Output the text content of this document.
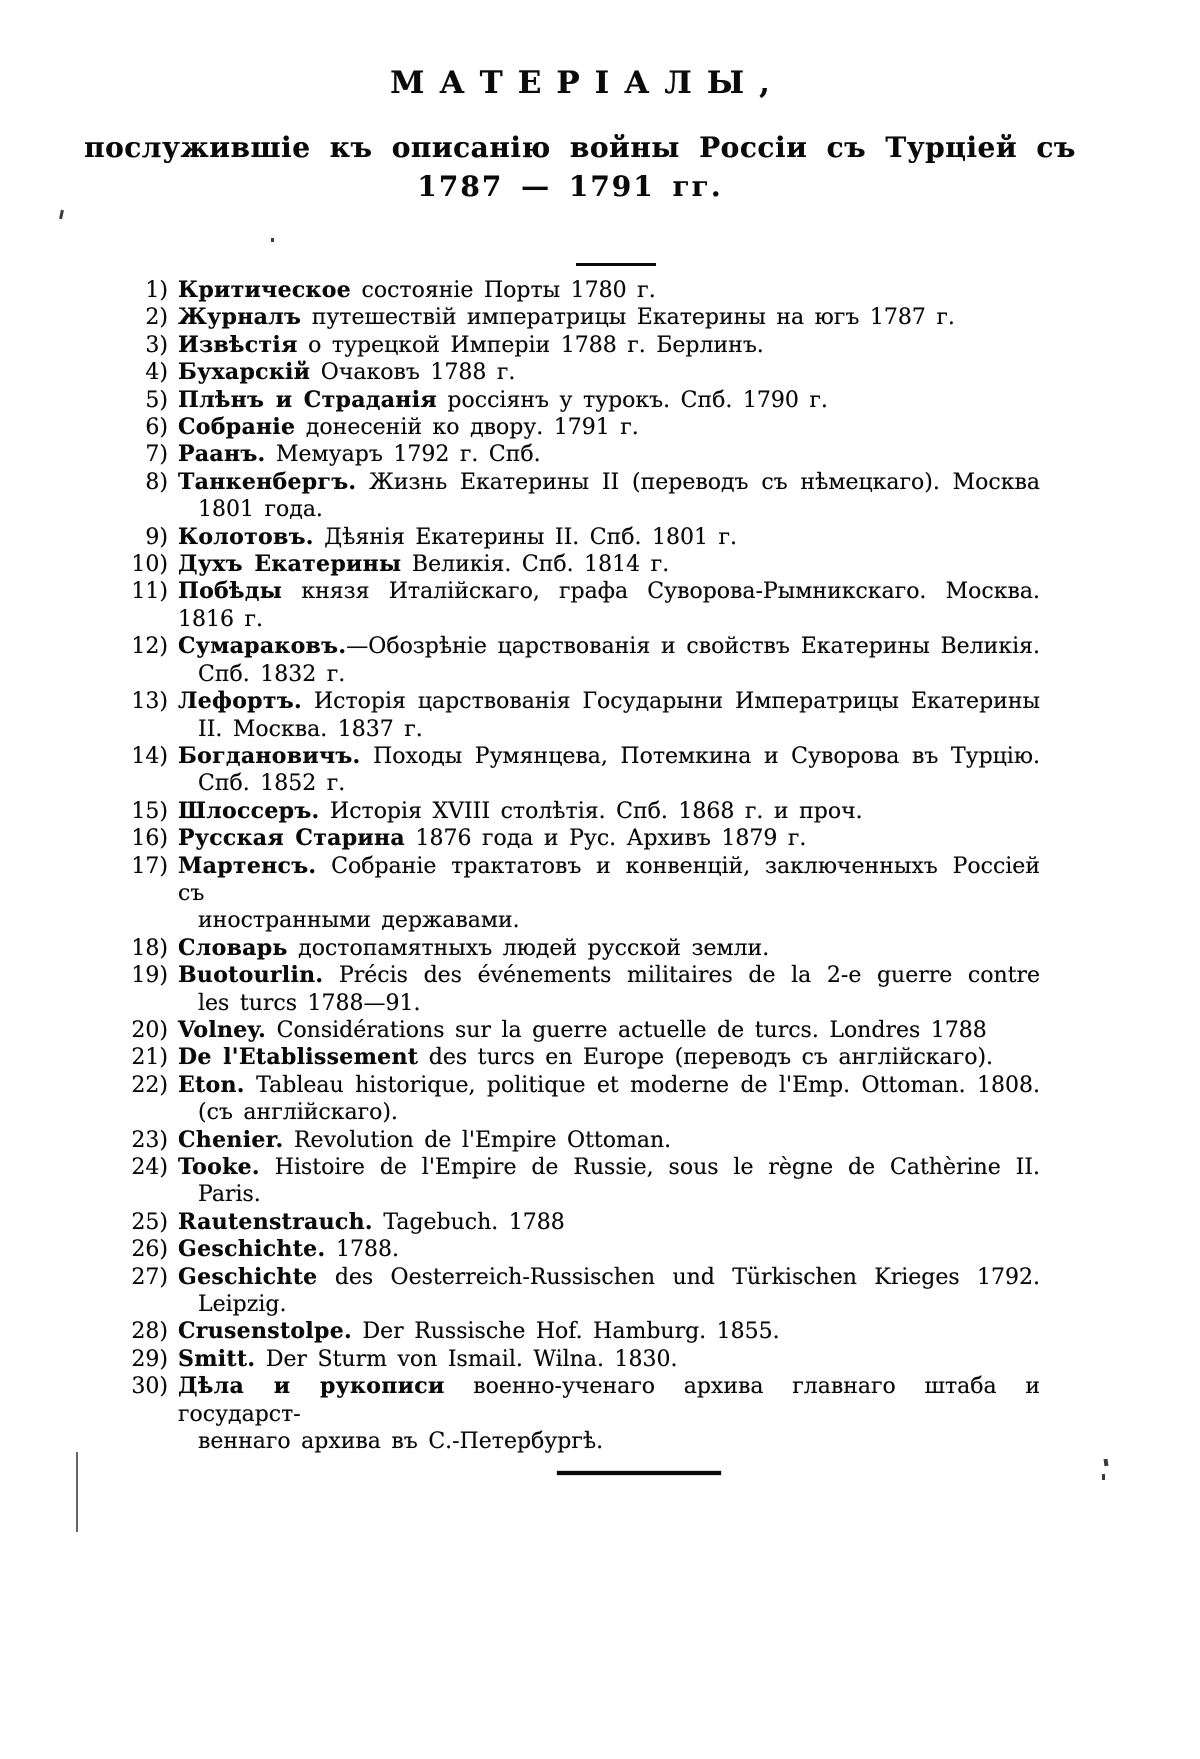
МАТЕРІАЛЫ,
послужившіе къ описанію войны Россіи съ Турціей съ
1787 — 1791 гг.
1) Критическое состояніе Порты 1780 г.
2) Журналъ путешествій императрицы Екатерины на югъ 1787 г.
3) Извѣстія о турецкой Имперіи 1788 г. Берлинъ.
4) Бухарскій Очаковъ 1788 г.
5) Плѣнъ и Страданія россіянъ у турокъ. Спб. 1790 г.
6) Собраніе донесеній ко двору. 1791 г.
7) Раанъ. Мемуаръ 1792 г. Спб.
8) Танкенбергъ. Жизнь Екатерины II (переводъ съ нѣмецкаго). Москва
1801 года.
9) Колотовъ. Дѣянія Екатерины II. Спб. 1801 г.
10) Духъ Екатерины Великія. Спб. 1814 г.
11) Побѣды князя Италійскаго, графа Суворова-Рымникскаго. Москва. 1816 г.
12) Сумараковъ.—Обозрѣніе царствованія и свойствъ Екатерины Великія.
Спб. 1832 г.
13) Лефортъ. Исторія царствованія Государыни Императрицы Екатерины
II. Москва. 1837 г.
14) Богдановичъ. Походы Румянцева, Потемкина и Суворова въ Турцію.
Спб. 1852 г.
15) Шлоссеръ. Исторія XVIII столѣтія. Спб. 1868 г. и проч.
16) Русская Старина 1876 года и Рус. Архивъ 1879 г.
17) Мартенсъ. Собраніе трактатовъ и конвенцій, заключенныхъ Россіей съ
иностранными державами.
18) Словарь достопамятныхъ людей русской земли.
19) Buotourlin. Précis des événements militaires de la 2-e guerre contre
les turcs 1788—91.
20) Volney. Considérations sur la guerre actuelle de turcs. Londres 1788
21) De l'Etablissement des turcs en Europe (переводъ съ англійскаго).
22) Eton. Tableau historique, politique et moderne de l'Emp. Ottoman. 1808.
(съ англійскаго).
23) Chenier. Revolution de l'Empire Ottoman.
24) Tooke. Histoire de l'Empire de Russie, sous le règne de Cathèrine II.
Paris.
25) Rautenstrauch. Tagebuch. 1788
26) Geschichte. 1788.
27) Geschichte des Oesterreich-Russischen und Türkischen Krieges 1792.
Leipzig.
28) Crusenstolpe. Der Russische Hof. Hamburg. 1855.
29) Smitt. Der Sturm von Ismail. Wilna. 1830.
30) Дѣла и рукописи военно-ученаго архива главнаго штаба и государст-
веннаго архива въ С.-Петербургѣ.
